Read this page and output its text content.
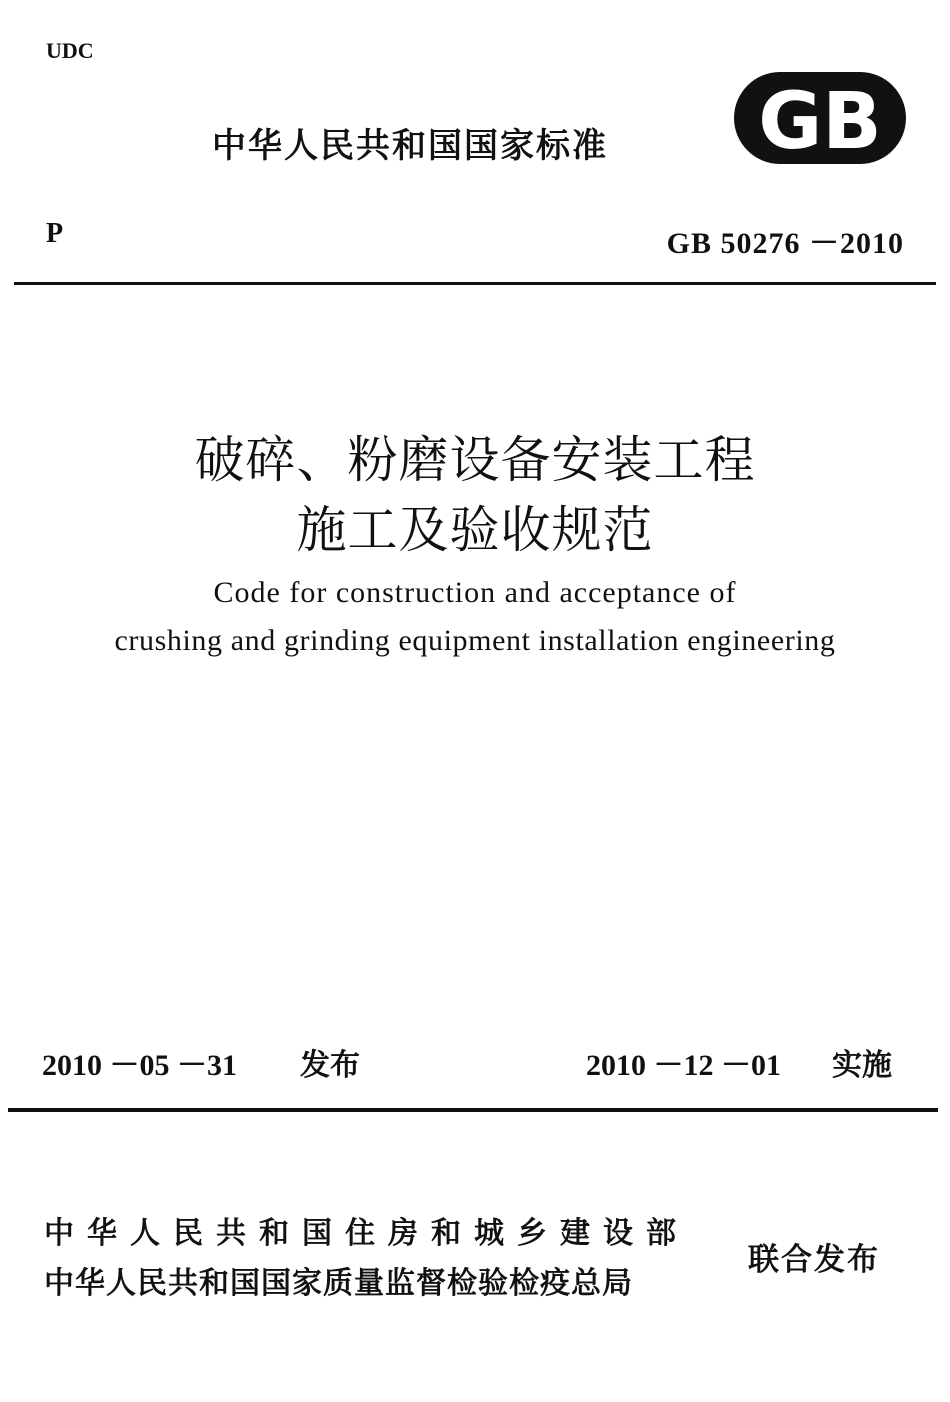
UDC
中华人民共和国国家标准 GB
P	GB 50276 －2010
破碎、粉磨设备安装工程
施工及验收规范
Code for construction and acceptance of
crushing and grinding equipment installation engineering
2010 －05 －31 发布	2010 －12 －01 实施
中华人民共和国住房和城乡建设部
中华人民共和国国家质量监督检验检疫总局
联合发布
